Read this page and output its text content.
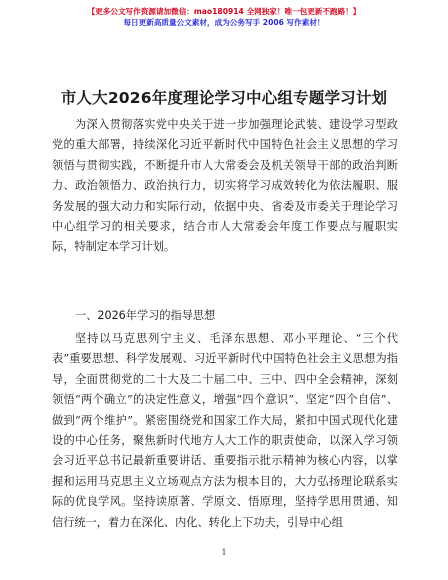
【更多公文写作资源请加微信：mao180914 全网独家！唯一包更新不跑路！】
每日更新高质量公文素材，成为公务写手 2006 写作素材！
市人大2026年度理论学习中心组专题学习计划

为深入贯彻落实党中央关于进一步加强理论武装、建设学习型政党的重大部署，持续深化习近平新时代中国特色社会主义思想的学习领悟与贯彻实践，不断提升市人大常委会及机关领导干部的政治判断力、政治领悟力、政治执行力，切实将学习成效转化为依法履职、服务发展的强大动力和实际行动，依据中央、省委及市委关于理论学习中心组学习的相关要求，结合市人大常委会年度工作要点与履职实际，特制定本学习计划。

一、2026年学习的指导思想

坚持以马克思列宁主义、毛泽东思想、邓小平理论、“三个代表”重要思想、科学发展观、习近平新时代中国特色社会主义思想为指导，全面贯彻党的二十大及二十届二中、三中、四中全会精神，深刻领悟“两个确立”的决定性意义，增强“四个意识”、坚定“四个自信”、做到“两个维护”。紧密围绕党和国家工作大局，紧扣中国式现代化建设的中心任务，聚焦新时代地方人大工作的职责使命，以深入学习领会习近平总书记最新重要讲话、重要指示批示精神为核心内容，以掌握和运用马克思主义立场观点方法为根本目的，大力弘扬理论联系实际的优良学风。坚持读原著、学原文、悟原理，坚持学思用贯通、知信行统一，着力在深化、内化、转化上下功夫，引导中心组

1
